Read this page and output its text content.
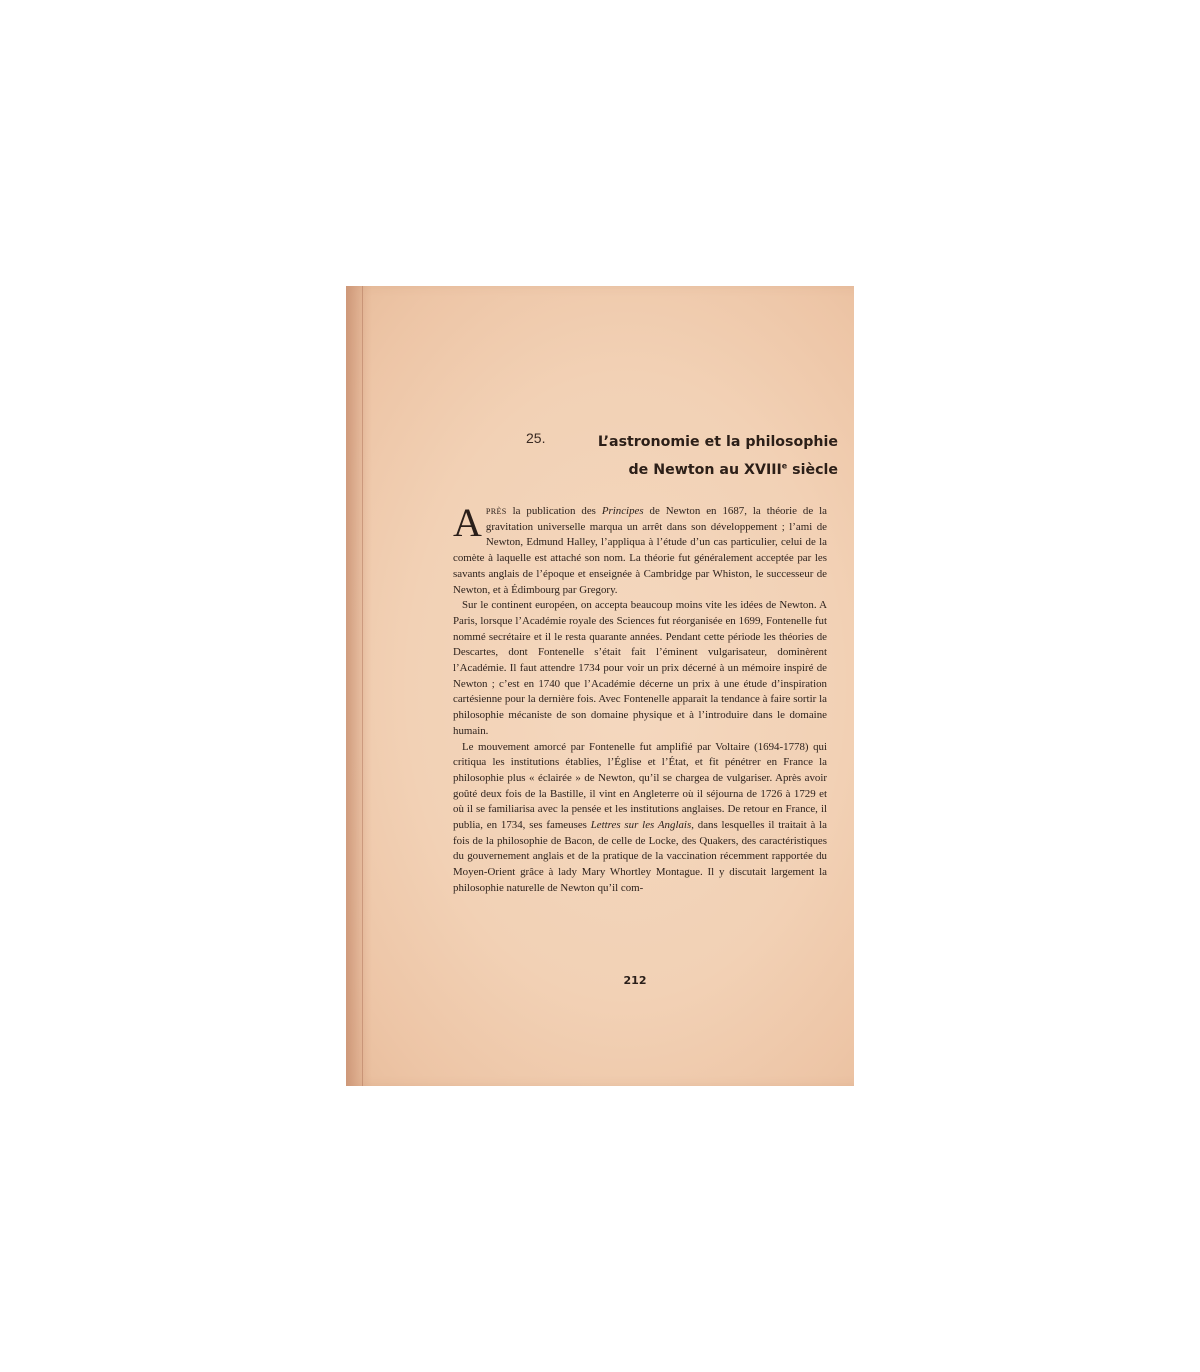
25.	L’astronomie et la philosophie
de Newton au XVIIIe siècle

APRÈS la publication des Principes de Newton en 1687, la théorie de la gravitation universelle marqua un arrêt dans son développement ; l’ami de Newton, Edmund Halley, l’appliqua à l’étude d’un cas particulier, celui de la comète à laquelle est attaché son nom. La théorie fut généralement acceptée par les savants anglais de l’époque et enseignée à Cambridge par Whiston, le successeur de Newton, et à Édimbourg par Gregory.

Sur le continent européen, on accepta beaucoup moins vite les idées de Newton. A Paris, lorsque l’Académie royale des Sciences fut réorganisée en 1699, Fontenelle fut nommé secrétaire et il le resta quarante années. Pendant cette période les théories de Descartes, dont Fontenelle s’était fait l’éminent vulgarisateur, dominèrent l’Académie. Il faut attendre 1734 pour voir un prix décerné à un mémoire inspiré de Newton ; c’est en 1740 que l’Académie décerne un prix à une étude d’inspiration cartésienne pour la dernière fois. Avec Fontenelle apparait la tendance à faire sortir la philosophie mécaniste de son domaine physique et à l’introduire dans le domaine humain.

Le mouvement amorcé par Fontenelle fut amplifié par Voltaire (1694-1778) qui critiqua les institutions établies, l’Église et l’État, et fit pénétrer en France la philosophie plus « éclairée » de Newton, qu’il se chargea de vulgariser. Après avoir goûté deux fois de la Bastille, il vint en Angleterre où il séjourna de 1726 à 1729 et où il se familiarisa avec la pensée et les institutions anglaises. De retour en France, il publia, en 1734, ses fameuses Lettres sur les Anglais, dans lesquelles il traitait à la fois de la philosophie de Bacon, de celle de Locke, des Quakers, des caractéristiques du gouvernement anglais et de la pratique de la vaccination récemment rapportée du Moyen-Orient grâce à lady Mary Whortley Montague. Il y discutait largement la philosophie naturelle de Newton qu’il com-

212
